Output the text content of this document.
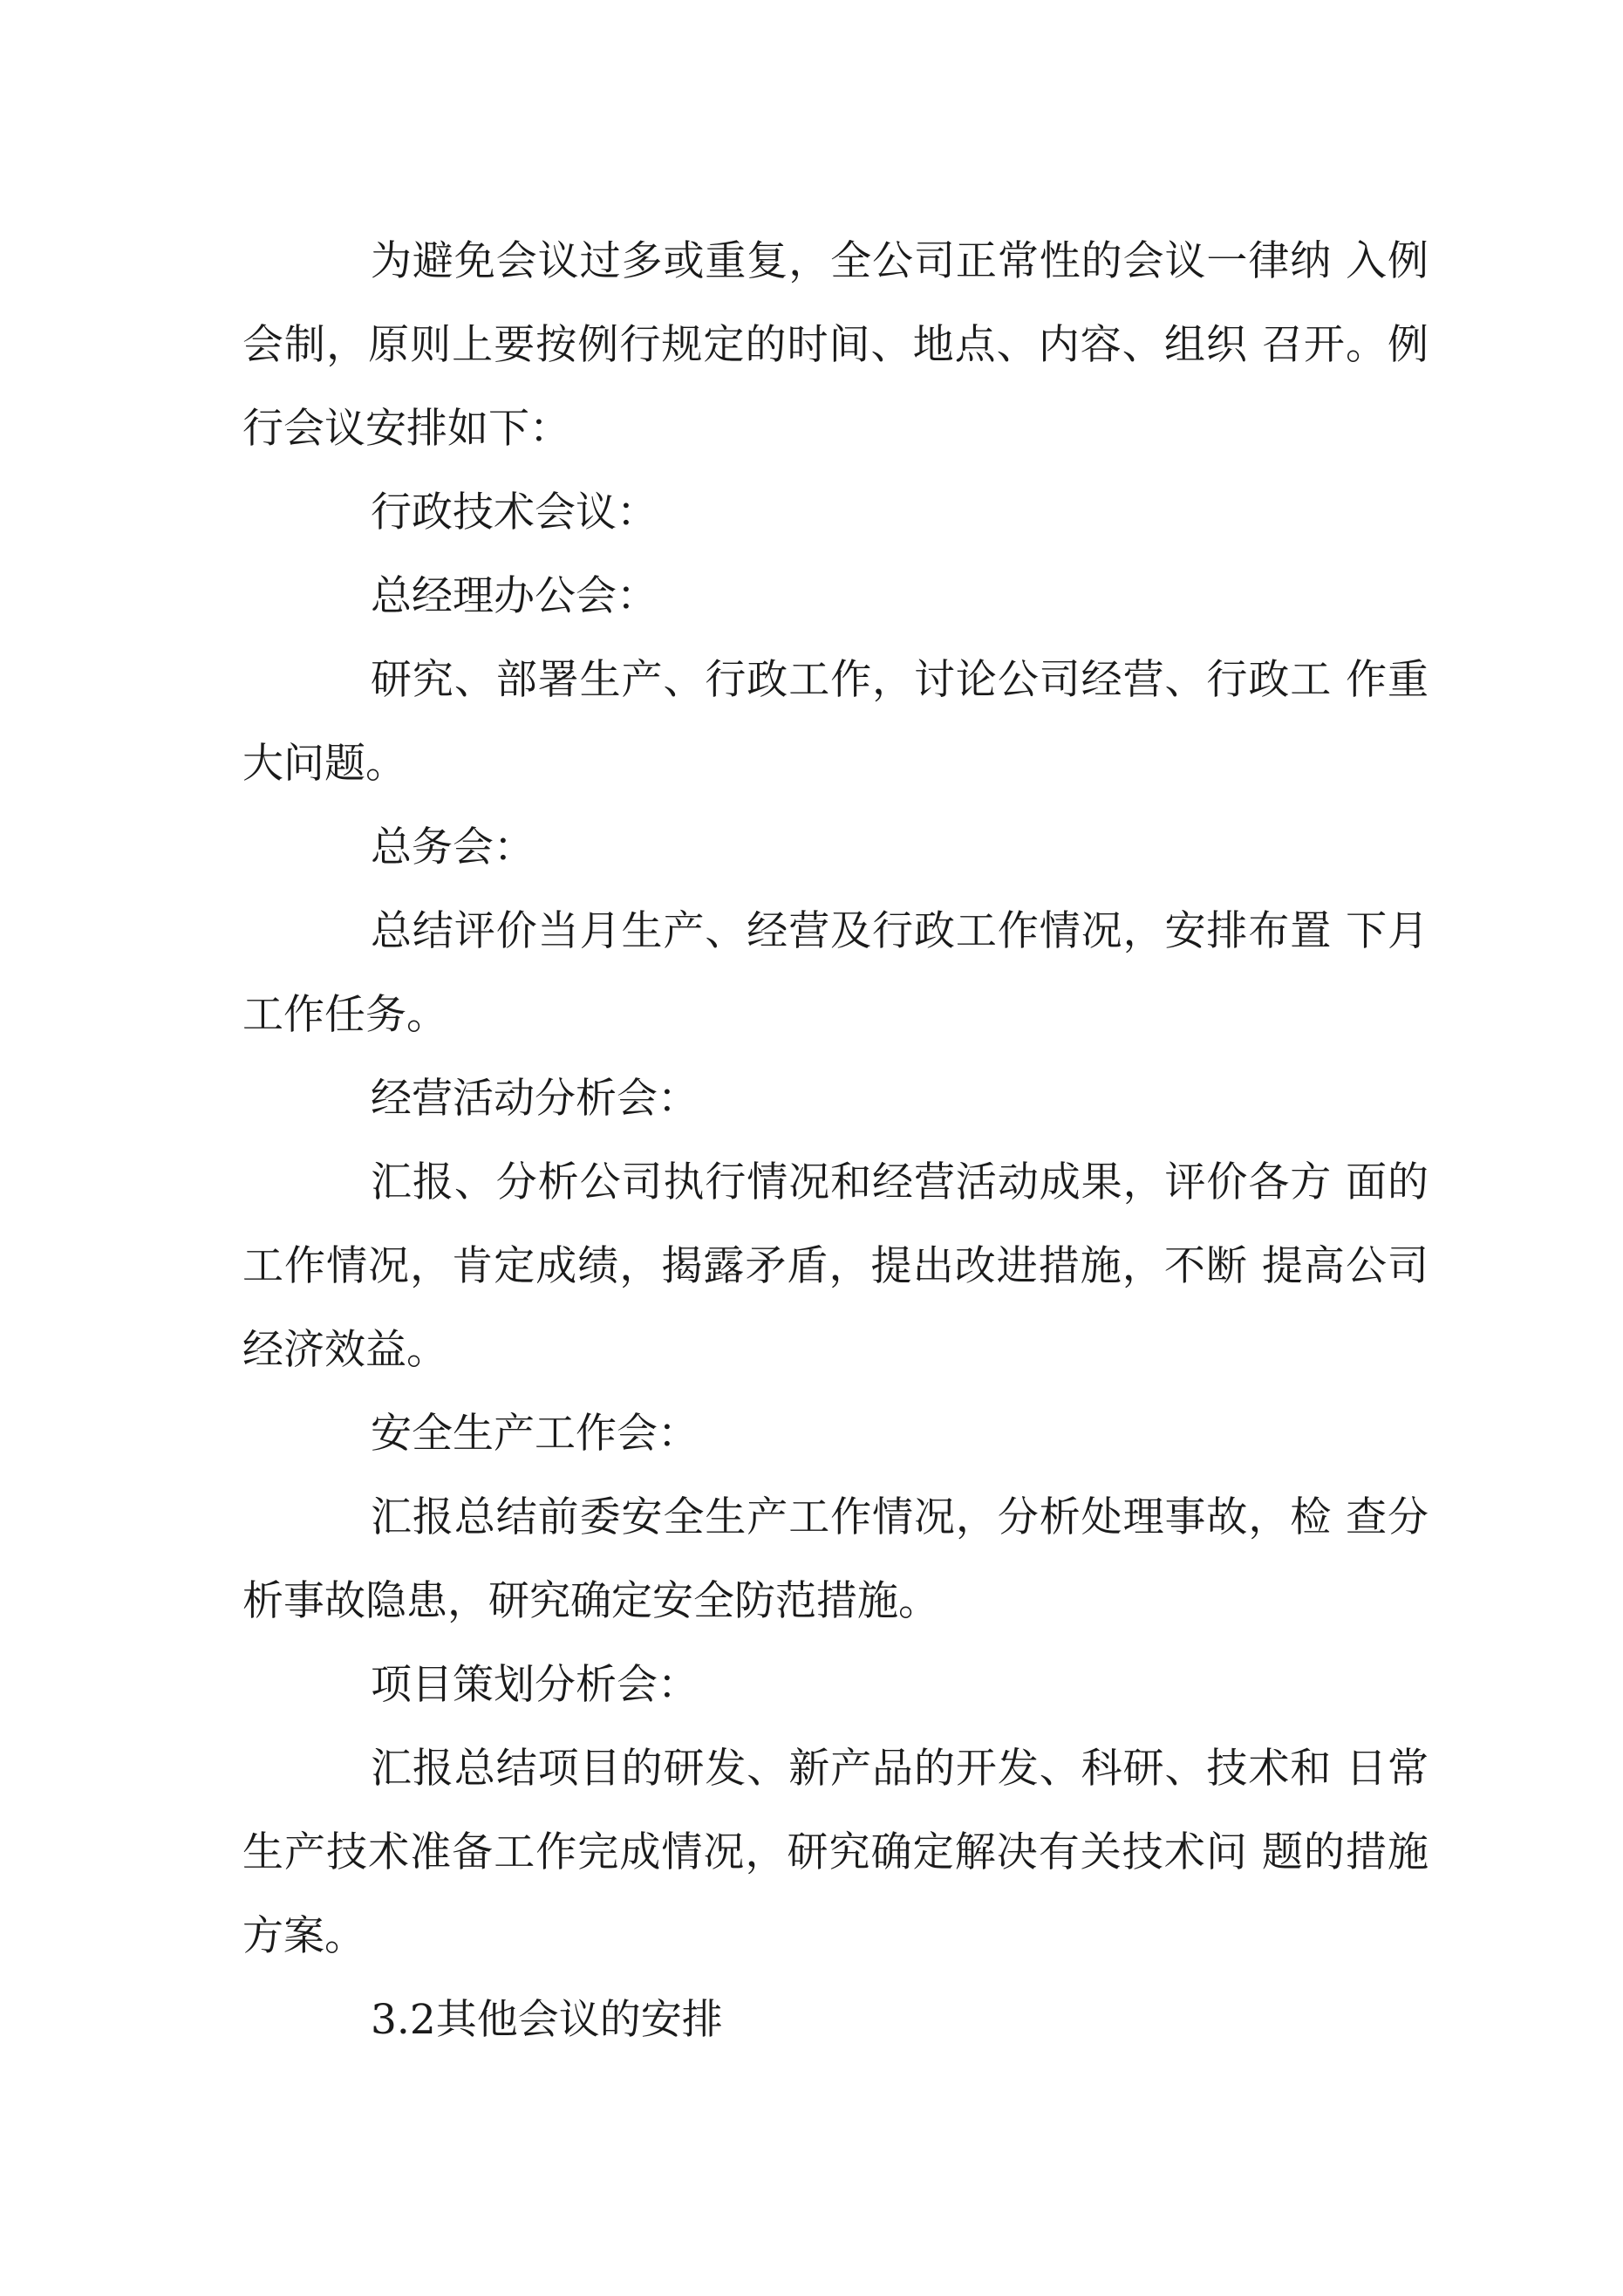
为避免会议过多或重复，全公司正常性的会议一律纳 入例会制，原则上要按例行规定的时间、地点、内容、组织 召开。例行会议安排如下：

行政技术会议：

总经理办公会：

研究、部署生产、行政工作，讨论公司经营、行政工 作重大问题。

总务会：

总结评价当月生产、经营及行政工作情况，安排布置 下月工作任务。

经营活动分析会：

汇报、分析公司执行情况和经营活动成果，评价各方 面的工作情况，肯定成绩，揭露矛盾，提出改进措施，不断 提高公司经济效益。

安全生产工作会：

汇报总结前委安全生产工作情况，分析处理事故，检 查分析事故隐患，研究确定安全防范措施。

项目策划分析会：

汇报总结项目的研发、新产品的开发、科研、技术和 日常生产技术准备工作完成情况，研究确定解决有关技术问 题的措施方案。

3.2其他会议的安排
